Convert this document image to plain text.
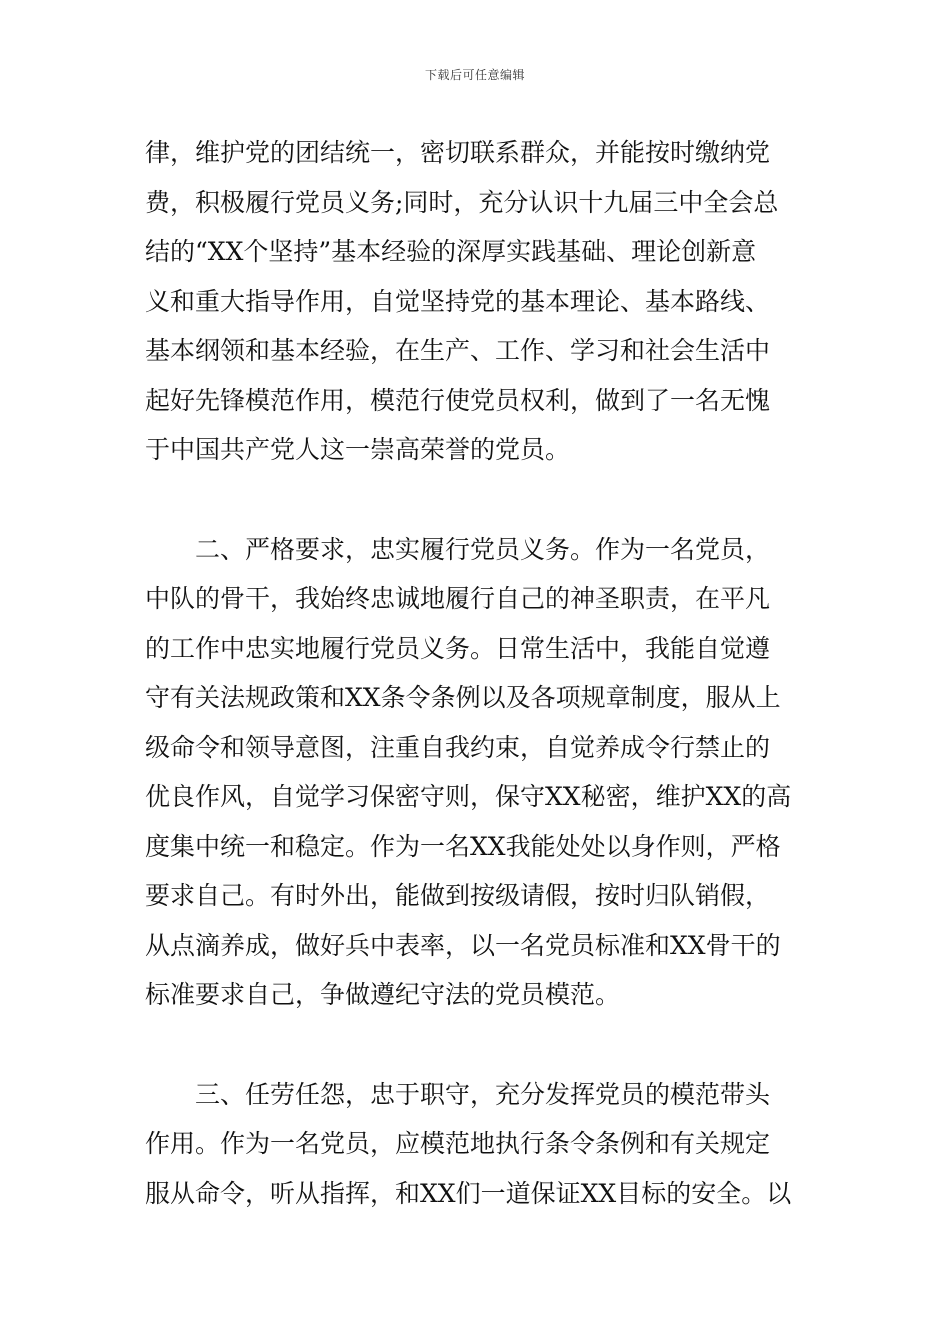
下载后可任意编辑
律，维护党的团结统一，密切联系群众，并能按时缴纳党
费，积极履行党员义务;同时，充分认识十九届三中全会总
结的“XX个坚持”基本经验的深厚实践基础、理论创新意
义和重大指导作用，自觉坚持党的基本理论、基本路线、
基本纲领和基本经验，在生产、工作、学习和社会生活中
起好先锋模范作用，模范行使党员权利，做到了一名无愧
于中国共产党人这一崇高荣誉的党员。
　　二、严格要求，忠实履行党员义务。作为一名党员，
中队的骨干，我始终忠诚地履行自己的神圣职责，在平凡
的工作中忠实地履行党员义务。日常生活中，我能自觉遵
守有关法规政策和XX条令条例以及各项规章制度，服从上
级命令和领导意图，注重自我约束，自觉养成令行禁止的
优良作风，自觉学习保密守则，保守XX秘密，维护XX的高
度集中统一和稳定。作为一名XX我能处处以身作则，严格
要求自己。有时外出，能做到按级请假，按时归队销假，
从点滴养成，做好兵中表率，以一名党员标准和XX骨干的
标准要求自己，争做遵纪守法的党员模范。
　　三、任劳任怨，忠于职守，充分发挥党员的模范带头
作用。作为一名党员，应模范地执行条令条例和有关规定
服从命令，听从指挥，和XX们一道保证XX目标的安全。以
